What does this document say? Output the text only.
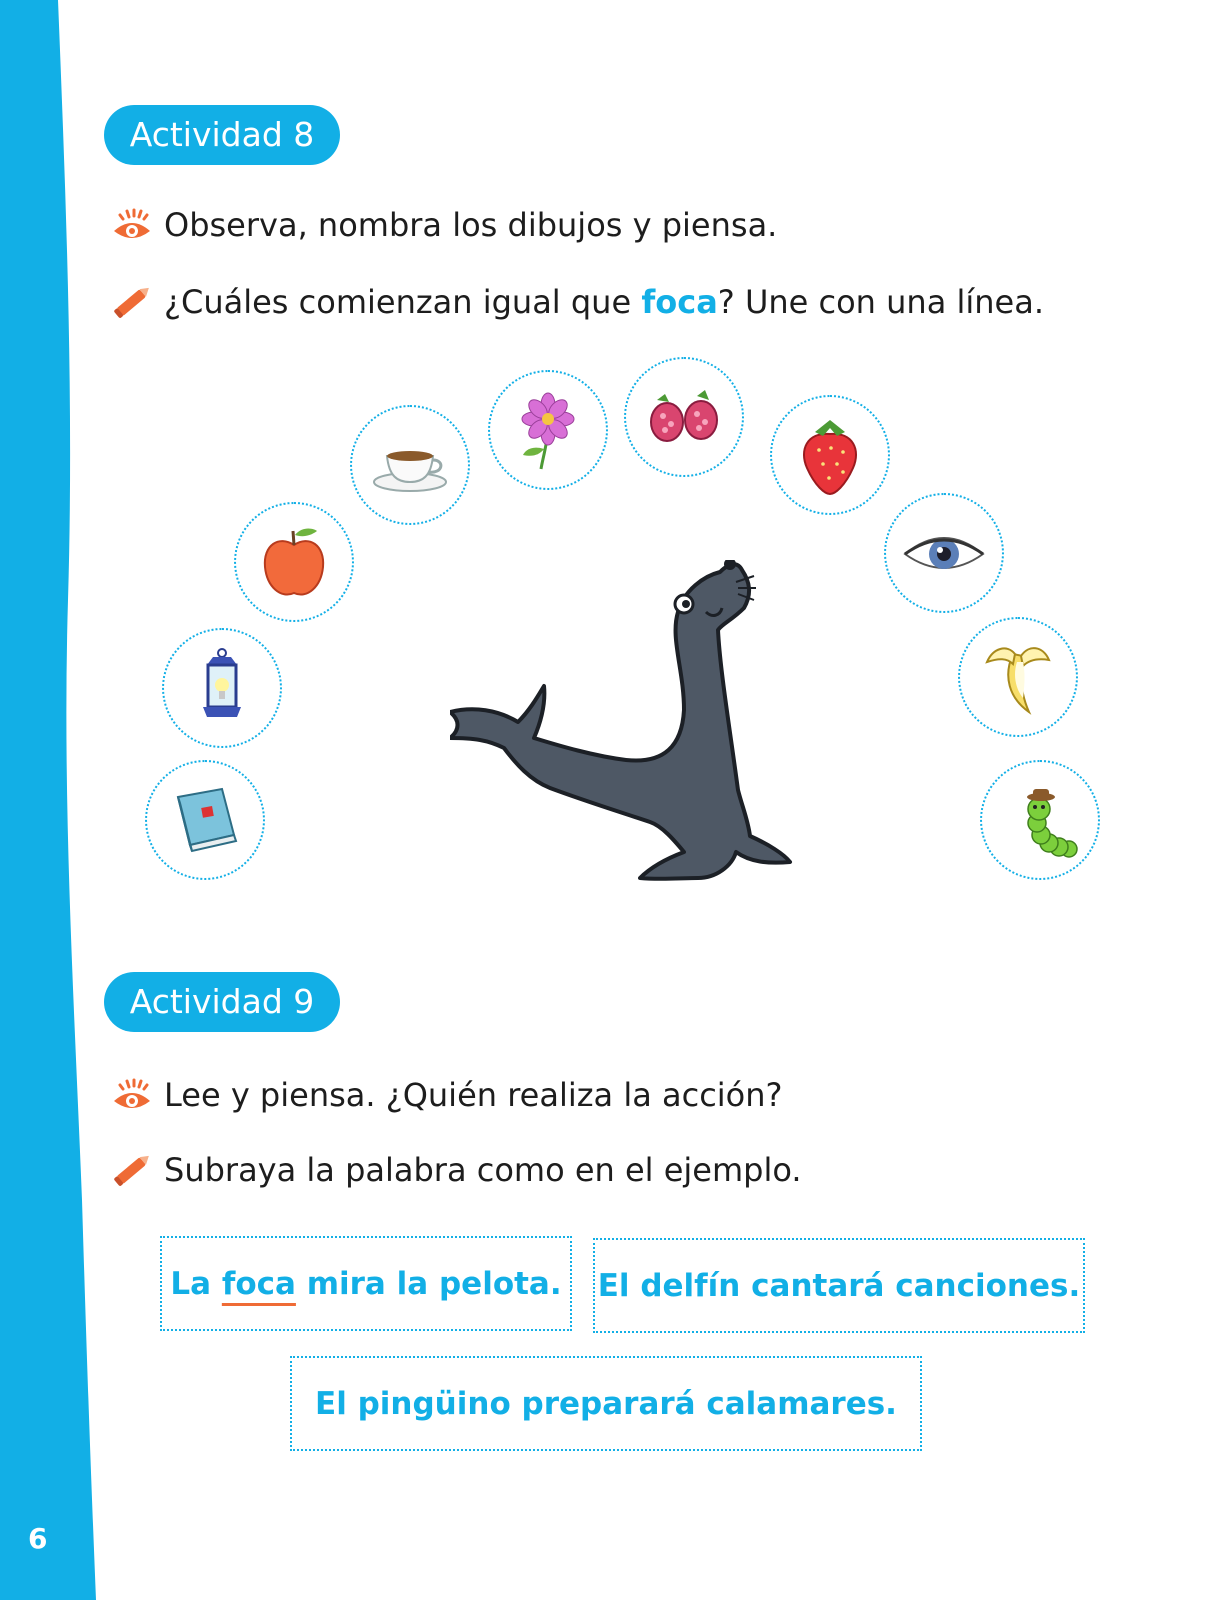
6
Actividad 8
Observa, nombra los dibujos y piensa.
¿Cuáles comienzan igual que foca ? Une con una línea.
Actividad 9
Lee y piensa. ¿Quién realiza la acción?
Subraya la palabra como en el ejemplo.
La foca mira la pelota. El delfín cantará canciones.
El pingüino preparará calamares.
